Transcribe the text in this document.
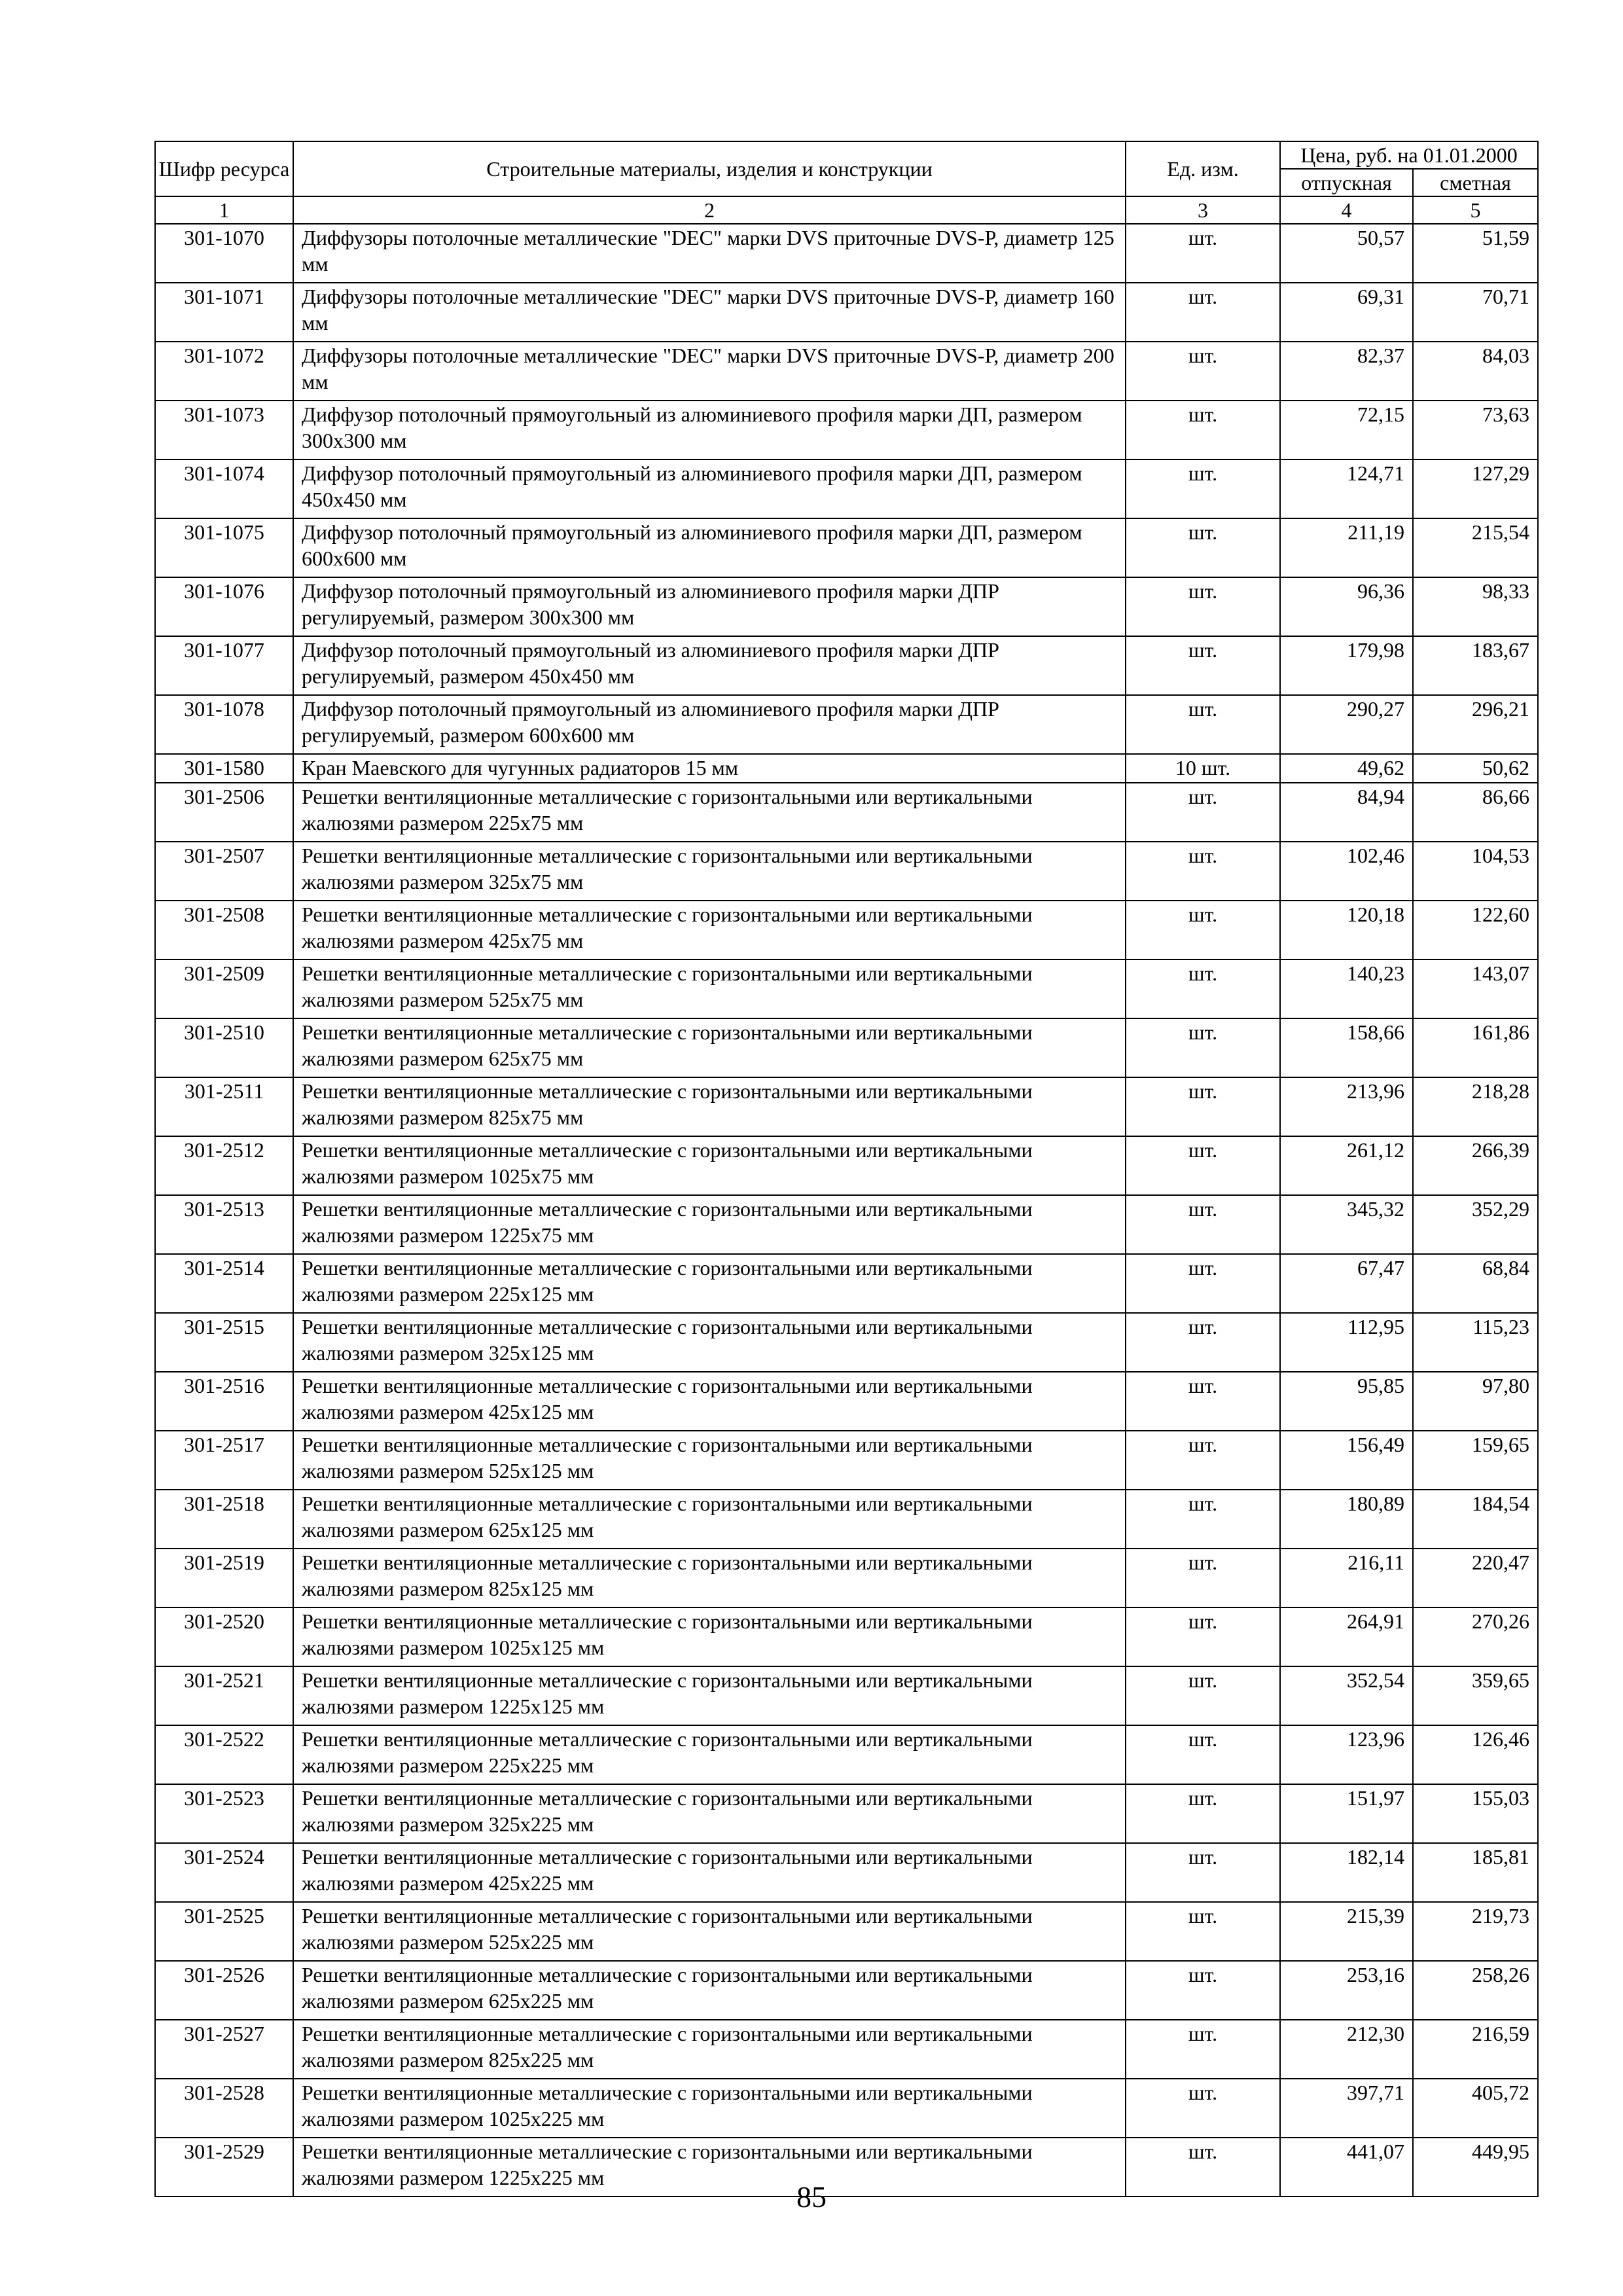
Шифр ресурса	Строительные материалы, изделия и конструкции	Ед. изм.	Цена, руб. на 01.01.2000	
			отпускная	сметная
1	2	3	4	5
301-1070	Диффузоры потолочные металлические "DEC" марки DVS приточные DVS-Р, диаметр 125 мм	шт.	50,57	51,59
301-1071	Диффузоры потолочные металлические "DEC" марки DVS приточные DVS-Р, диаметр 160 мм	шт.	69,31	70,71
301-1072	Диффузоры потолочные металлические "DEC" марки DVS приточные DVS-Р, диаметр 200 мм	шт.	82,37	84,03
301-1073	Диффузор потолочный прямоугольный из алюминиевого профиля марки ДП, размером 300x300 мм	шт.	72,15	73,63
301-1074	Диффузор потолочный прямоугольный из алюминиевого профиля марки ДП, размером 450x450 мм	шт.	124,71	127,29
301-1075	Диффузор потолочный прямоугольный из алюминиевого профиля марки ДП, размером 600x600 мм	шт.	211,19	215,54
301-1076	Диффузор потолочный прямоугольный из алюминиевого профиля марки ДПР регулируемый, размером 300x300 мм	шт.	96,36	98,33
301-1077	Диффузор потолочный прямоугольный из алюминиевого профиля марки ДПР регулируемый, размером 450x450 мм	шт.	179,98	183,67
301-1078	Диффузор потолочный прямоугольный из алюминиевого профиля марки ДПР регулируемый, размером 600x600 мм	шт.	290,27	296,21
301-1580	Кран Маевского для чугунных радиаторов 15 мм	10 шт.	49,62	50,62
301-2506	Решетки вентиляционные металлические с горизонтальными или вертикальными жалюзями размером 225x75 мм	шт.	84,94	86,66
301-2507	Решетки вентиляционные металлические с горизонтальными или вертикальными жалюзями размером 325x75 мм	шт.	102,46	104,53
301-2508	Решетки вентиляционные металлические с горизонтальными или вертикальными жалюзями размером 425x75 мм	шт.	120,18	122,60
301-2509	Решетки вентиляционные металлические с горизонтальными или вертикальными жалюзями размером 525x75 мм	шт.	140,23	143,07
301-2510	Решетки вентиляционные металлические с горизонтальными или вертикальными жалюзями размером 625x75 мм	шт.	158,66	161,86
301-2511	Решетки вентиляционные металлические с горизонтальными или вертикальными жалюзями размером 825x75 мм	шт.	213,96	218,28
301-2512	Решетки вентиляционные металлические с горизонтальными или вертикальными жалюзями размером 1025x75 мм	шт.	261,12	266,39
301-2513	Решетки вентиляционные металлические с горизонтальными или вертикальными жалюзями размером 1225x75 мм	шт.	345,32	352,29
301-2514	Решетки вентиляционные металлические с горизонтальными или вертикальными жалюзями размером 225x125 мм	шт.	67,47	68,84
301-2515	Решетки вентиляционные металлические с горизонтальными или вертикальными жалюзями размером 325x125 мм	шт.	112,95	115,23
301-2516	Решетки вентиляционные металлические с горизонтальными или вертикальными жалюзями размером 425x125 мм	шт.	95,85	97,80
301-2517	Решетки вентиляционные металлические с горизонтальными или вертикальными жалюзями размером 525x125 мм	шт.	156,49	159,65
301-2518	Решетки вентиляционные металлические с горизонтальными или вертикальными жалюзями размером 625x125 мм	шт.	180,89	184,54
301-2519	Решетки вентиляционные металлические с горизонтальными или вертикальными жалюзями размером 825x125 мм	шт.	216,11	220,47
301-2520	Решетки вентиляционные металлические с горизонтальными или вертикальными жалюзями размером 1025x125 мм	шт.	264,91	270,26
301-2521	Решетки вентиляционные металлические с горизонтальными или вертикальными жалюзями размером 1225x125 мм	шт.	352,54	359,65
301-2522	Решетки вентиляционные металлические с горизонтальными или вертикальными жалюзями размером 225x225 мм	шт.	123,96	126,46
301-2523	Решетки вентиляционные металлические с горизонтальными или вертикальными жалюзями размером 325x225 мм	шт.	151,97	155,03
301-2524	Решетки вентиляционные металлические с горизонтальными или вертикальными жалюзями размером 425x225 мм	шт.	182,14	185,81
301-2525	Решетки вентиляционные металлические с горизонтальными или вертикальными жалюзями размером 525x225 мм	шт.	215,39	219,73
301-2526	Решетки вентиляционные металлические с горизонтальными или вертикальными жалюзями размером 625x225 мм	шт.	253,16	258,26
301-2527	Решетки вентиляционные металлические с горизонтальными или вертикальными жалюзями размером 825x225 мм	шт.	212,30	216,59
301-2528	Решетки вентиляционные металлические с горизонтальными или вертикальными жалюзями размером 1025x225 мм	шт.	397,71	405,72
301-2529	Решетки вентиляционные металлические с горизонтальными или вертикальными жалюзями размером 1225x225 мм	шт.	441,07	449,95
85
